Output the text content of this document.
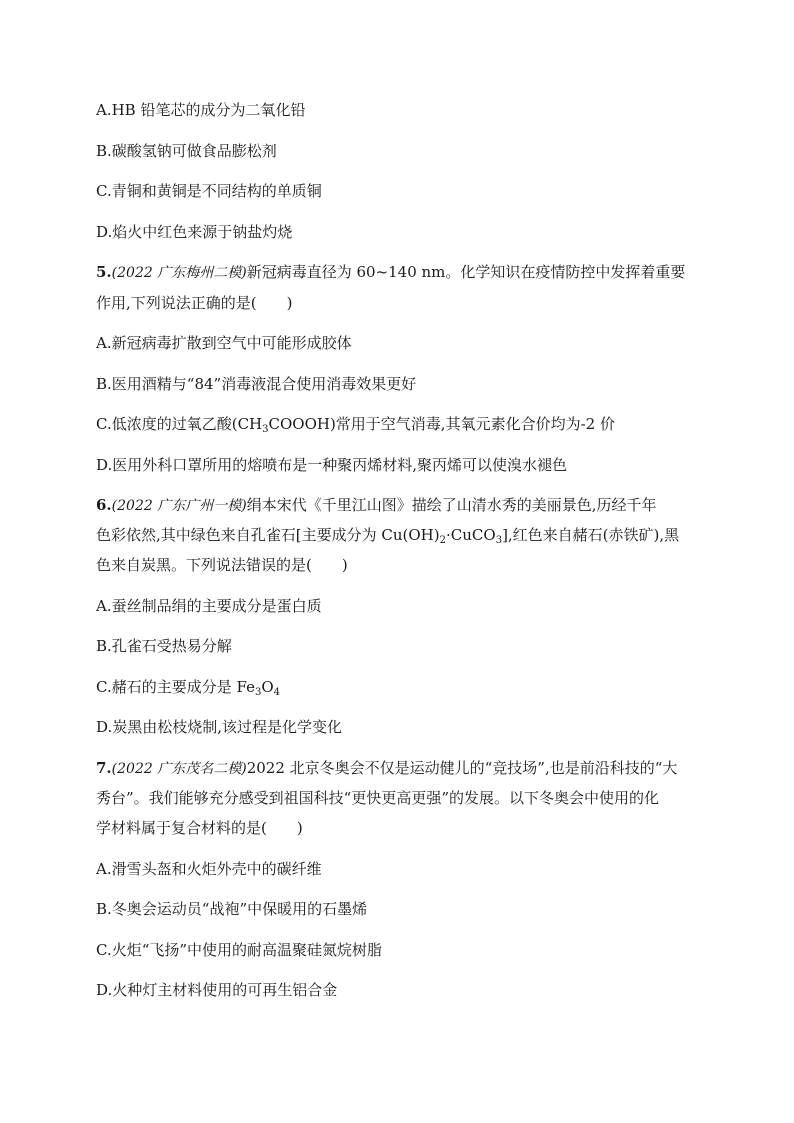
A.HB 铅笔芯的成分为二氧化铅
B.碳酸氢钠可做食品膨松剂
C.青铜和黄铜是不同结构的单质铜
D.焰火中红色来源于钠盐灼烧
5.(2022 广东梅州二模)新冠病毒直径为 60~140 nm。化学知识在疫情防控中发挥着重要
作用,下列说法正确的是(　　)
A.新冠病毒扩散到空气中可能形成胶体
B.医用酒精与“84”消毒液混合使用消毒效果更好
C.低浓度的过氧乙酸$(CH_3COOOH)$常用于空气消毒,其氧元素化合价均为-2 价
D.医用外科口罩所用的熔喷布是一种聚丙烯材料,聚丙烯可以使溴水褪色
6.(2022 广东广州一模)绢本宋代《千里江山图》描绘了山清水秀的美丽景色,历经千年
色彩依然,其中绿色来自孔雀石[主要成分为 $Cu(OH)_2\cdot CuCO_3$],红色来自赭石(赤铁矿),黑
色来自炭黑。下列说法错误的是(　　)
A.蚕丝制品绢的主要成分是蛋白质
B.孔雀石受热易分解
C.赭石的主要成分是 $Fe_3O_4$
D.炭黑由松枝烧制,该过程是化学变化
7.(2022 广东茂名二模)2022 北京冬奥会不仅是运动健儿的“竞技场”,也是前沿科技的“大
秀台”。我们能够充分感受到祖国科技“更快更高更强”的发展。以下冬奥会中使用的化
学材料属于复合材料的是(　　)
A.滑雪头盔和火炬外壳中的碳纤维
B.冬奥会运动员“战袍”中保暖用的石墨烯
C.火炬“飞扬”中使用的耐高温聚硅氮烷树脂
D.火种灯主材料使用的可再生铝合金
